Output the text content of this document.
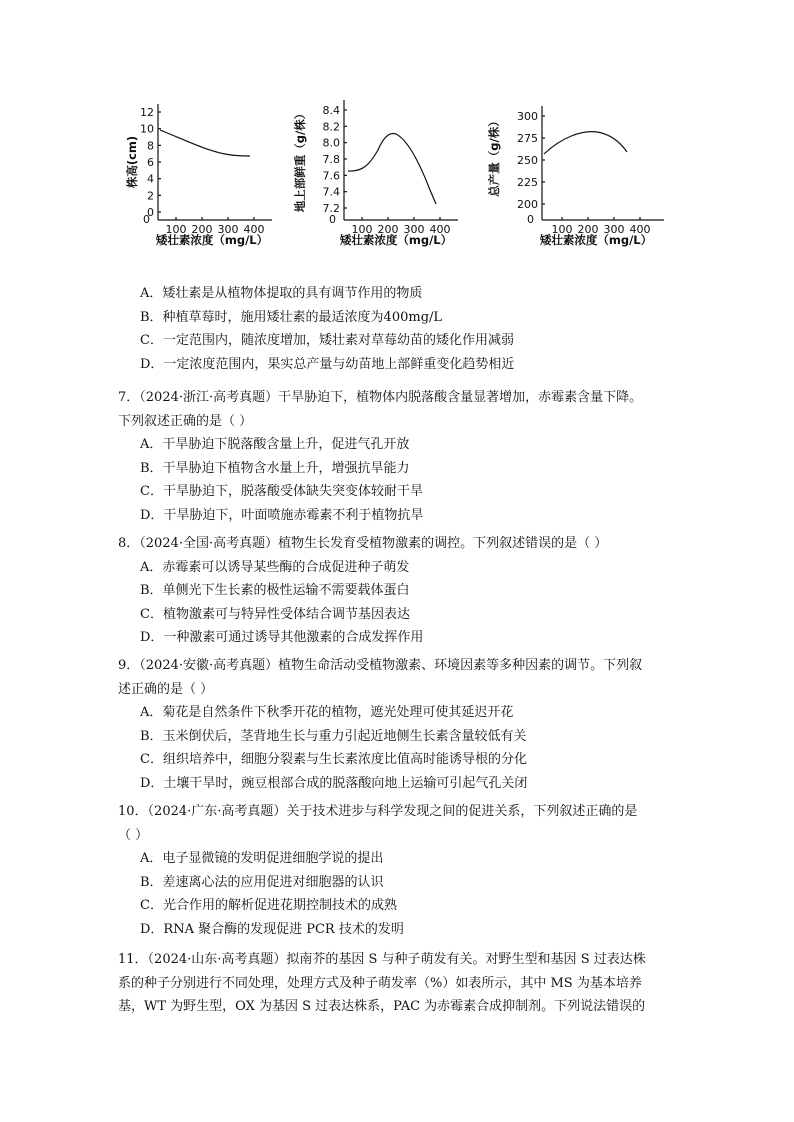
0
2
4
6
8
10
12
100 200 300 400
0
株高(cm)
矮壮素浓度（mg/L）
7.2
7.4
7.6
7.8
8.0
8.2
8.4
100 200 300 400
0
地上部鲜重（g/株）
矮壮素浓度（mg/L）
200
225
250
275
300
100 200 300 400
0
总产量（g/株）
矮壮素浓度（mg/L）
A．矮壮素是从植物体提取的具有调节作用的物质
B．种植草莓时，施用矮壮素的最适浓度为400mg/L
C．一定范围内，随浓度增加，矮壮素对草莓幼苗的矮化作用减弱
D．一定浓度范围内，果实总产量与幼苗地上部鲜重变化趋势相近
7．（2024·浙江·高考真题）干旱胁迫下，植物体内脱落酸含量显著增加，赤霉素含量下降。
下列叙述正确的是（ ）
A．干旱胁迫下脱落酸含量上升，促进气孔开放
B．干旱胁迫下植物含水量上升，增强抗旱能力
C．干旱胁迫下，脱落酸受体缺失突变体较耐干旱
D．干旱胁迫下，叶面喷施赤霉素不利于植物抗旱
8．（2024·全国·高考真题）植物生长发育受植物激素的调控。下列叙述错误的是（ ）
A．赤霉素可以诱导某些酶的合成促进种子萌发
B．单侧光下生长素的极性运输不需要载体蛋白
C．植物激素可与特异性受体结合调节基因表达
D．一种激素可通过诱导其他激素的合成发挥作用
9．（2024·安徽·高考真题）植物生命活动受植物激素、环境因素等多种因素的调节。下列叙
述正确的是（ ）
A．菊花是自然条件下秋季开花的植物，遮光处理可使其延迟开花
B．玉米倒伏后，茎背地生长与重力引起近地侧生长素含量较低有关
C．组织培养中，细胞分裂素与生长素浓度比值高时能诱导根的分化
D．土壤干旱时，豌豆根部合成的脱落酸向地上运输可引起气孔关闭
10．（2024·广东·高考真题）关于技术进步与科学发现之间的促进关系，下列叙述正确的是
（ ）
A．电子显微镜的发明促进细胞学说的提出
B．差速离心法的应用促进对细胞器的认识
C．光合作用的解析促进花期控制技术的成熟
D．RNA 聚合酶的发现促进 PCR 技术的发明
11．（2024·山东·高考真题）拟南芥的基因 S 与种子萌发有关。对野生型和基因 S 过表达株
系的种子分别进行不同处理，处理方式及种子萌发率（%）如表所示，其中 MS 为基本培养
基，WT 为野生型，OX 为基因 S 过表达株系，PAC 为赤霉素合成抑制剂。下列说法错误的
